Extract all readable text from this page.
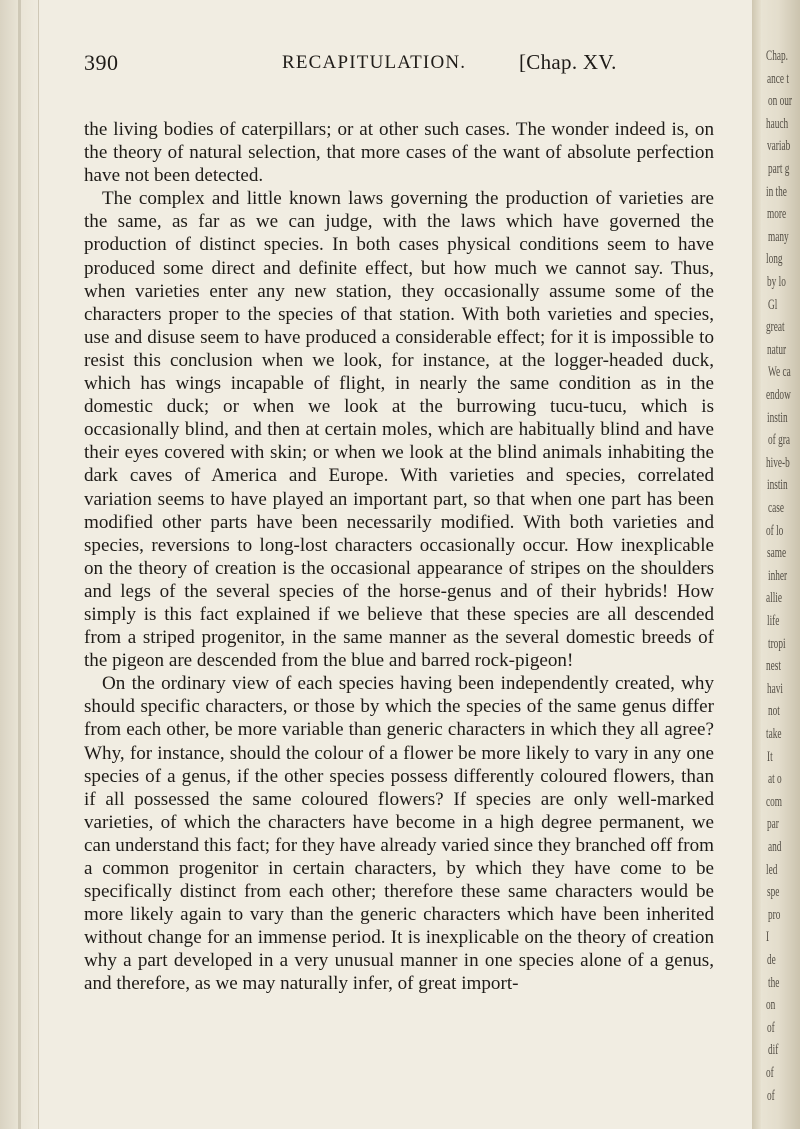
390	RECAPITULATION.	[Chap. XV.

the living bodies of caterpillars; or at other such cases. The wonder indeed is, on the theory of natural selection, that more cases of the want of absolute perfection have not been detected.

The complex and little known laws governing the production of varieties are the same, as far as we can judge, with the laws which have governed the production of distinct species. In both cases physical conditions seem to have produced some direct and definite effect, but how much we cannot say. Thus, when varieties enter any new station, they occasionally assume some of the characters proper to the species of that station. With both varieties and species, use and disuse seem to have produced a considerable effect; for it is impossible to resist this conclusion when we look, for instance, at the logger-headed duck, which has wings incapable of flight, in nearly the same condition as in the domestic duck; or when we look at the burrowing tucu-tucu, which is occasionally blind, and then at certain moles, which are habitually blind and have their eyes covered with skin; or when we look at the blind animals inhabiting the dark caves of America and Europe. With varieties and species, correlated variation seems to have played an important part, so that when one part has been modified other parts have been necessarily modified. With both varieties and species, reversions to long-lost characters occasionally occur. How inexplicable on the theory of creation is the occasional appearance of stripes on the shoulders and legs of the several species of the horse-genus and of their hybrids! How simply is this fact explained if we believe that these species are all descended from a striped progenitor, in the same manner as the several domestic breeds of the pigeon are descended from the blue and barred rock-pigeon!

On the ordinary view of each species having been independently created, why should specific characters, or those by which the species of the same genus differ from each other, be more variable than generic characters in which they all agree? Why, for instance, should the colour of a flower be more likely to vary in any one species of a genus, if the other species possess differently coloured flowers, than if all possessed the same coloured flowers? If species are only well-marked varieties, of which the characters have become in a high degree permanent, we can understand this fact; for they have already varied since they branched off from a common progenitor in certain characters, by which they have come to be specifically distinct from each other; therefore these same characters would be more likely again to vary than the generic characters which have been inherited without change for an immense period. It is inexplicable on the theory of creation why a part developed in a very unusual manner in one species alone of a genus, and therefore, as we may naturally infer, of great import-

Chap.
ance t
on our
hauch
variab
part g
in the
more
many
long
by lo
Gl
great
natur
We ca
endow
instin
of gra
hive-b
instin
case
of lo
same
inher
allie
life
tropi
nest
havi
not
take
It
at o
com
par
and
led
spe
pro
I
de
the
on
of
dif
of
of
